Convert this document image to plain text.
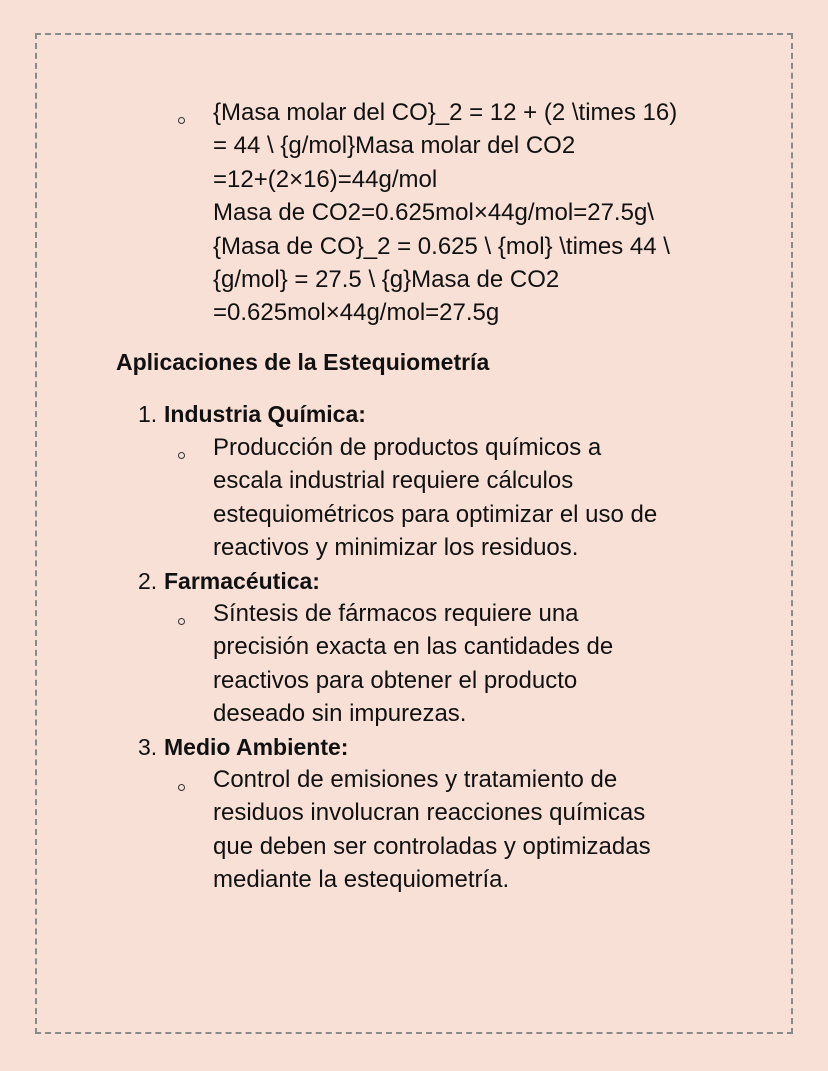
{Masa molar del CO}_2 = 12 + (2 \times 16)
= 44 \ {g/mol}Masa molar del CO2
=12+(2×16)=44g/mol
Masa de CO2=0.625mol×44g/mol=27.5g\
{Masa de CO}_2 = 0.625 \ {mol} \times 44 \
{g/mol} = 27.5 \ {g}Masa de CO2
=0.625mol×44g/mol=27.5g
Aplicaciones de la Estequiometría
1. Industria Química:
Producción de productos químicos a
escala industrial requiere cálculos
estequiométricos para optimizar el uso de
reactivos y minimizar los residuos.
2. Farmacéutica:
Síntesis de fármacos requiere una
precisión exacta en las cantidades de
reactivos para obtener el producto
deseado sin impurezas.
3. Medio Ambiente:
Control de emisiones y tratamiento de
residuos involucran reacciones químicas
que deben ser controladas y optimizadas
mediante la estequiometría.
